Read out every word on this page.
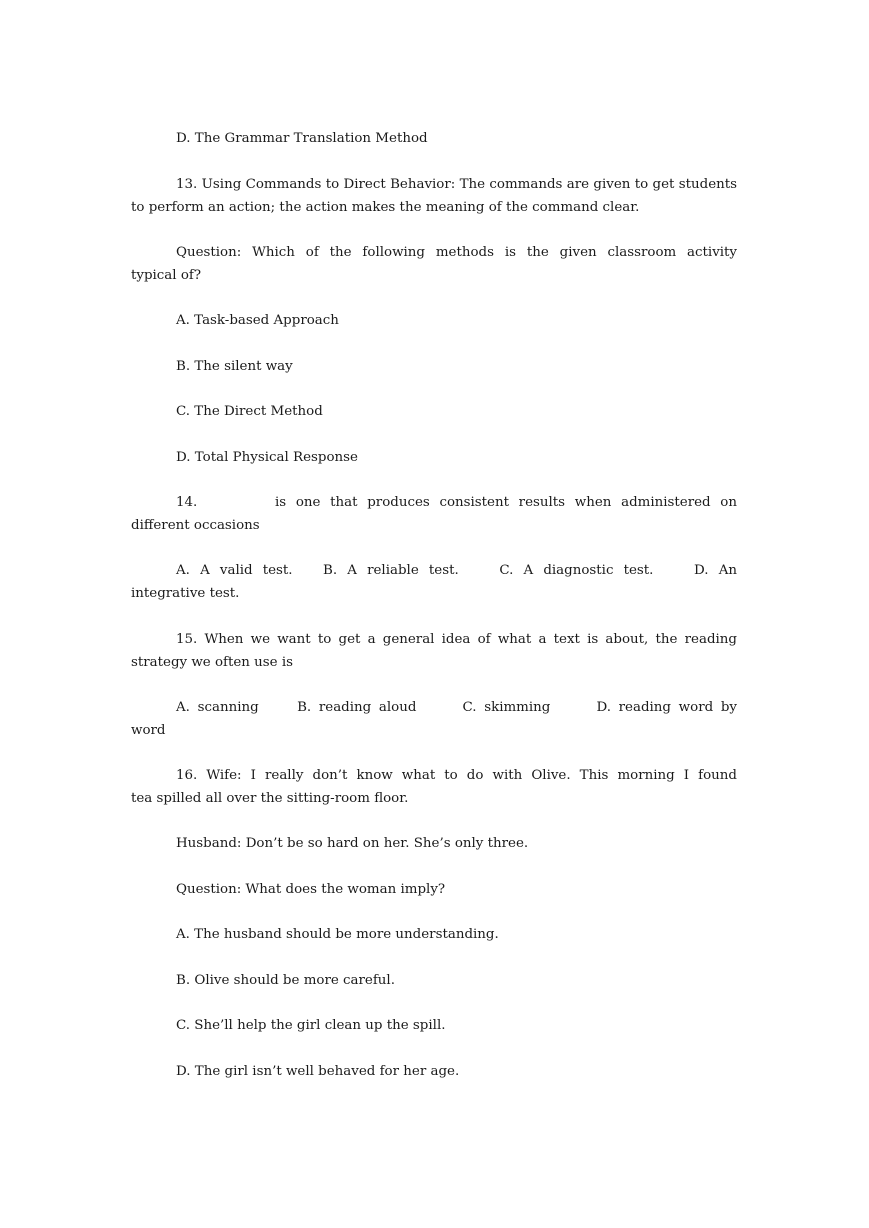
D. The Grammar Translation Method

13. Using Commands to Direct Behavior: The commands are given to get students
to perform an action; the action makes the meaning of the command clear.

Question: Which of the following methods is the given classroom activity
typical of?

A. Task-based Approach

B. The silent way

C. The Direct Method

D. Total Physical Response

14.        is one that produces consistent results when administered on
different occasions

A. A valid test.   B. A reliable test.    C. A diagnostic test.    D. An
integrative test.

15. When we want to get a general idea of what a text is about, the reading
strategy we often use is

A. scanning     B. reading aloud      C. skimming      D. reading word by
word

16. Wife: I really don’t know what to do with Olive. This morning I found
tea spilled all over the sitting-room floor.

Husband: Don’t be so hard on her. She’s only three.

Question: What does the woman imply?

A. The husband should be more understanding.

B. Olive should be more careful.

C. She’ll help the girl clean up the spill.

D. The girl isn’t well behaved for her age.
